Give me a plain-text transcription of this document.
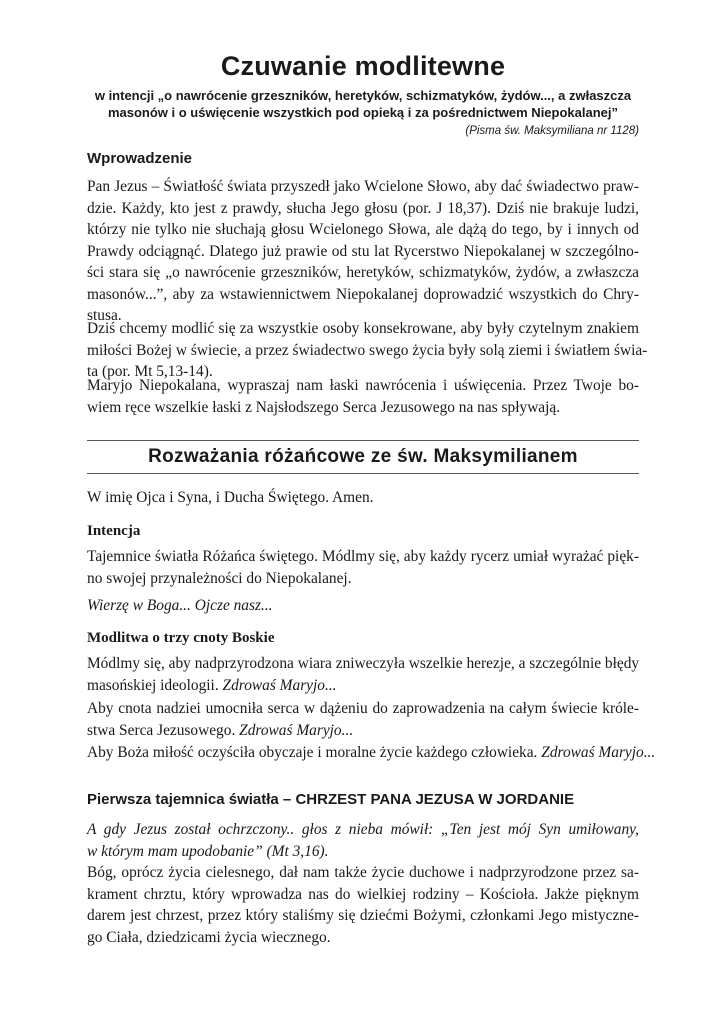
Czuwanie modlitewne
w intencji „o nawrócenie grzeszników, heretyków, schizmatyków, żydów..., a zwłaszcza
masonów i o uświęcenie wszystkich pod opieką i za pośrednictwem Niepokalanej”

(Pisma św. Maksymiliana nr 1128)

Wprowadzenie
Pan Jezus – Światłość świata przyszedł jako Wcielone Słowo, aby dać świadectwo praw-
dzie. Każdy, kto jest z prawdy, słucha Jego głosu (por. J 18,37). Dziś nie brakuje ludzi,
którzy nie tylko nie słuchają głosu Wcielonego Słowa, ale dążą do tego, by i innych od
Prawdy odciągnąć. Dlatego już prawie od stu lat Rycerstwo Niepokalanej w szczególno-
ści stara się „o nawrócenie grzeszników, heretyków, schizmatyków, żydów, a zwłaszcza
masonów...”, aby za wstawiennictwem Niepokalanej doprowadzić wszystkich do Chry-
stusa.
Dziś chcemy modlić się za wszystkie osoby konsekrowane, aby były czytelnym znakiem
miłości Bożej w świecie, a przez świadectwo swego życia były solą ziemi i światłem świa-
ta (por. Mt 5,13-14).
Maryjo Niepokalana, wypraszaj nam łaski nawrócenia i uświęcenia. Przez Twoje bo-
wiem ręce wszelkie łaski z Najsłodszego Serca Jezusowego na nas spływają.
Rozważania różańcowe ze św. Maksymilianem

W imię Ojca i Syna, i Ducha Świętego. Amen.

Intencja
Tajemnice światła Różańca świętego. Módlmy się, aby każdy rycerz umiał wyrażać pięk-
no swojej przynależności do Niepokalanej.

Wierzę w Boga... Ojcze nasz...

Modlitwa o trzy cnoty Boskie
Módlmy się, aby nadprzyrodzona wiara zniweczyła wszelkie herezje, a szczególnie błędy
masońskiej ideologii. Zdrowaś Maryjo...
Aby cnota nadziei umocniła serca w dążeniu do zaprowadzenia na całym świecie króle-
stwa Serca Jezusowego. Zdrowaś Maryjo...

Aby Boża miłość oczyściła obyczaje i moralne życie każdego człowieka. Zdrowaś Maryjo...

Pierwsza tajemnica światła – CHRZEST PANA JEZUSA W JORDANIE
A gdy Jezus został ochrzczony.. głos z nieba mówił: „Ten jest mój Syn umiłowany,
w którym mam upodobanie” (Mt 3,16).
Bóg, oprócz życia cielesnego, dał nam także życie duchowe i nadprzyrodzone przez sa-
krament chrztu, który wprowadza nas do wielkiej rodziny – Kościoła. Jakże pięknym
darem jest chrzest, przez który staliśmy się dziećmi Bożymi, członkami Jego mistyczne-
go Ciała, dziedzicami życia wiecznego.
